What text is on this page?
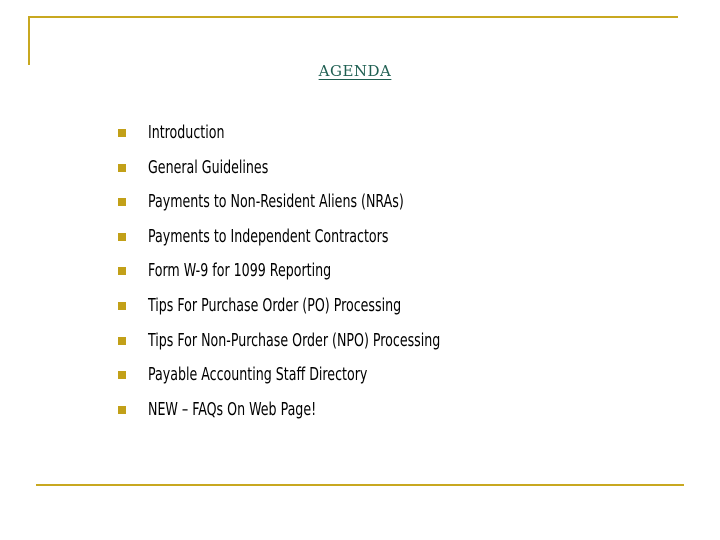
AGENDA
Introduction
General Guidelines
Payments to Non-Resident Aliens (NRAs)
Payments to Independent Contractors
Form W-9 for 1099 Reporting
Tips For Purchase Order (PO) Processing
Tips For Non-Purchase Order (NPO) Processing
Payable Accounting Staff Directory
NEW – FAQs On Web Page!
